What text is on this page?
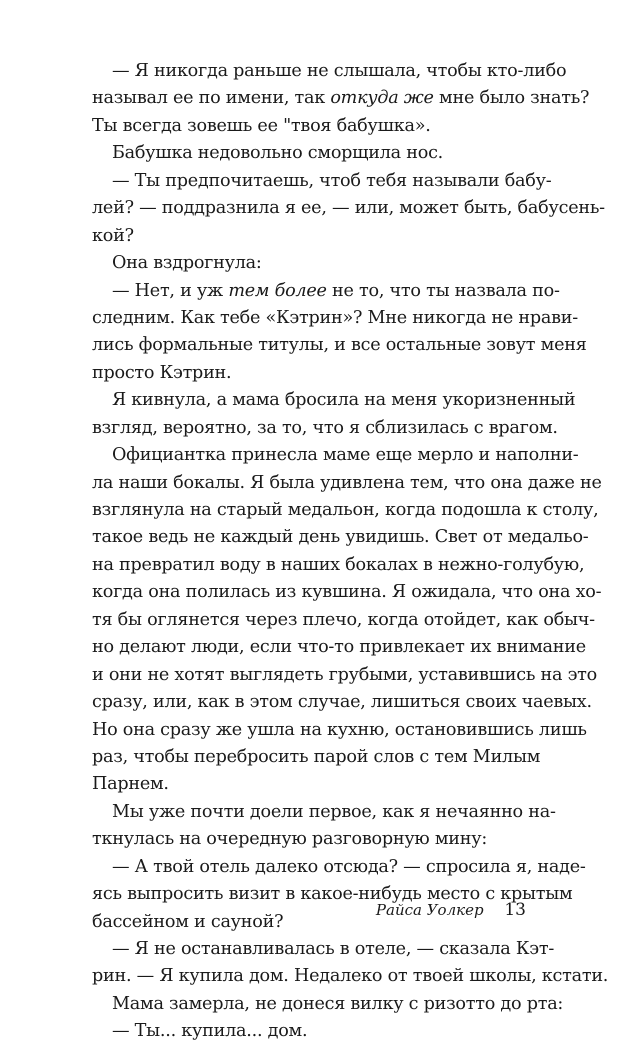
— Я никогда раньше не слышала, чтобы кто-либо
называл ее по имени, так откуда же мне было знать?
Ты всегда зовешь ее "твоя бабушка».
Бабушка недовольно сморщила нос.
— Ты предпочитаешь, чтоб тебя называли бабу-
лей? — поддразнила я ее, — или, может быть, бабусень-
кой?
Она вздрогнула:
— Нет, и уж тем более не то, что ты назвала по-
следним. Как тебе «Кэтрин»? Мне никогда не нрави-
лись формальные титулы, и все остальные зовут меня
просто Кэтрин.
Я кивнула, а мама бросила на меня укоризненный
взгляд, вероятно, за то, что я сблизилась с врагом.
Официантка принесла маме еще мерло и наполни-
ла наши бокалы. Я была удивлена тем, что она даже не
взглянула на старый медальон, когда подошла к столу,
такое ведь не каждый день увидишь. Свет от медальо-
на превратил воду в наших бокалах в нежно-голубую,
когда она полилась из кувшина. Я ожидала, что она хо-
тя бы оглянется через плечо, когда отойдет, как обыч-
но делают люди, если что-то привлекает их внимание
и они не хотят выглядеть грубыми, уставившись на это
сразу, или, как в этом случае, лишиться своих чаевых.
Но она сразу же ушла на кухню, остановившись лишь
раз, чтобы перебросить парой слов с тем Милым
Парнем.
Мы уже почти доели первое, как я нечаянно на-
ткнулась на очередную разговорную мину:
— А твой отель далеко отсюда? — спросила я, надe-
ясь выпросить визит в какое-нибудь место с крытым
бассейном и сауной?
— Я не останавливалась в отеле, — сказала Кэт-
рин. — Я купила дом. Недалеко от твоей школы, кстати.
Мама замерла, не донеся вилку с ризотто до рта:
— Ты... купила... дом.
Райса Уолкер 13
